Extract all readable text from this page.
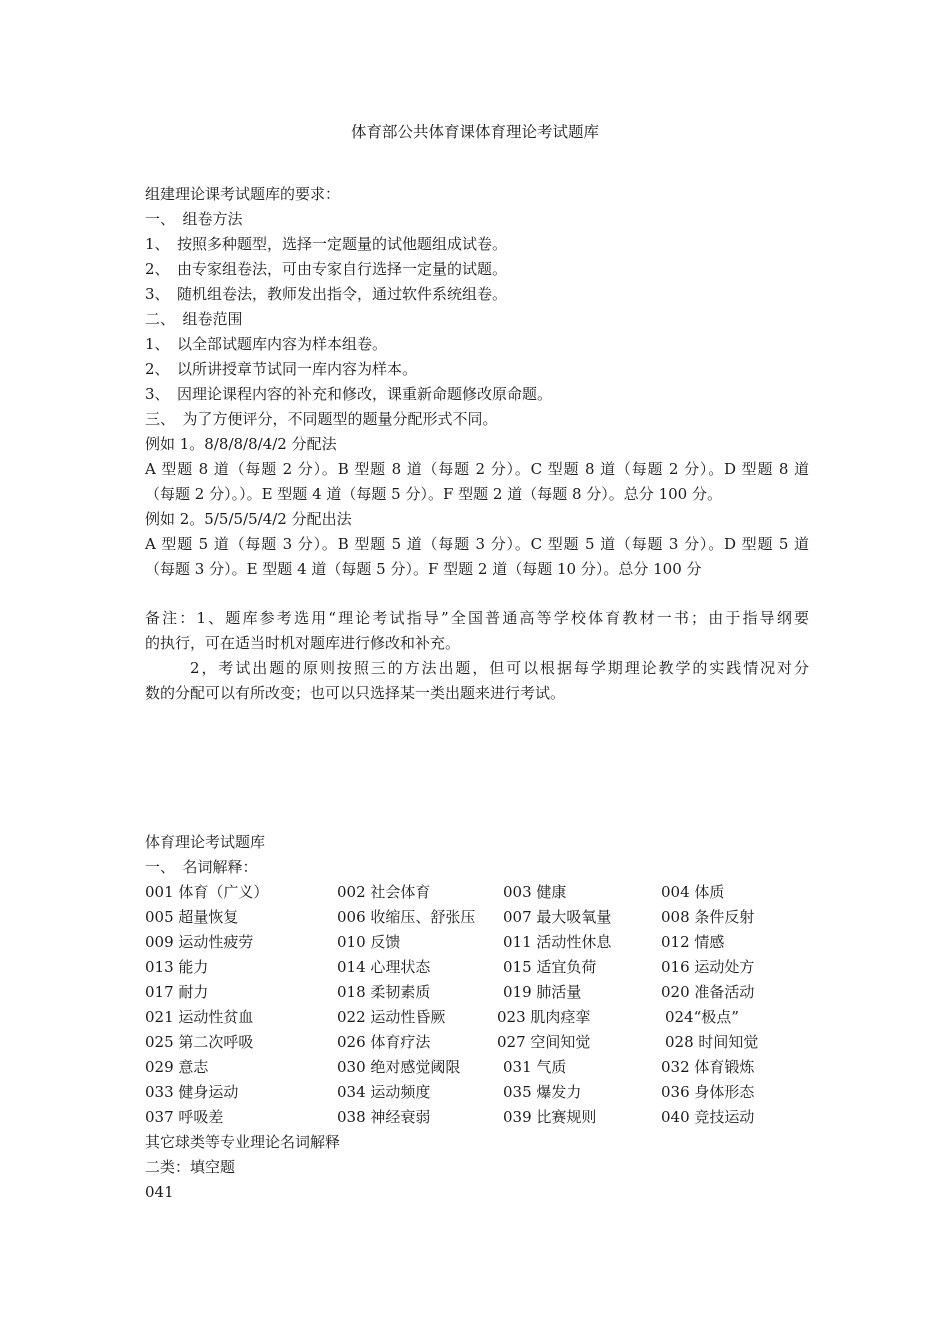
体育部公共体育课体育理论考试题库
组建理论课考试题库的要求：
一、　组卷方法
1、　按照多种题型，选择一定题量的试他题组成试卷。
2、　由专家组卷法，可由专家自行选择一定量的试题。
3、　随机组卷法，教师发出指令，通过软件系统组卷。
二、　组卷范围
1、　以全部试题库内容为样本组卷。
2、　以所讲授章节试同一库内容为样本。
3、　因理论课程内容的补充和修改，课重新命题修改原命题。
三、　为了方便评分，不同题型的题量分配形式不同。
例如 1。8/8/8/8/4/2 分配法
A 型题 8 道（每题 2 分）。B 型题 8 道（每题 2 分）。C 型题 8 道（每题 2 分）。D 型题 8 道
（每题 2 分）。）。E 型题 4 道（每题 5 分）。F 型题 2 道（每题 8 分）。总分 100 分。
例如 2。5/5/5/5/4/2 分配出法
A 型题 5 道（每题 3 分）。B 型题 5 道（每题 3 分）。C 型题 5 道（每题 3 分）。D 型题 5 道
（每题 3 分）。E 型题 4 道（每题 5 分）。F 型题 2 道（每题 10 分）。总分 100 分
备注：1、题库参考选用“理论考试指导”全国普通高等学校体育教材一书；由于指导纲要
的执行，可在适当时机对题库进行修改和补充。
2，考试出题的原则按照三的方法出题，但可以根据每学期理论教学的实践情况对分
数的分配可以有所改变；也可以只选择某一类出题来进行考试。
体育理论考试题库
一、　名词解释：
001 体育（广义）	002 社会体育	003 健康	004 体质
005 超量恢复	006 收缩压、舒张压 007 最大吸氧量	008 条件反射
009 运动性疲劳	010 反馈	011 活动性休息	012 情感
013 能力	014 心理状态	015 适宜负荷	016 运动处方
017 耐力	018 柔韧素质	019 肺活量	020 准备活动
021 运动性贫血	022 运动性昏厥	023 肌肉痉挛	024“极点”
025 第二次呼吸	026 体育疗法	027 空间知觉	028 时间知觉
029 意志	030 绝对感觉阈限	031 气质	032 体育锻炼
033 健身运动	034 运动频度	035 爆发力	036 身体形态
037 呼吸差	038 神经衰弱	039 比赛规则	040 竞技运动
其它球类等专业理论名词解释
二类：填空题
041
